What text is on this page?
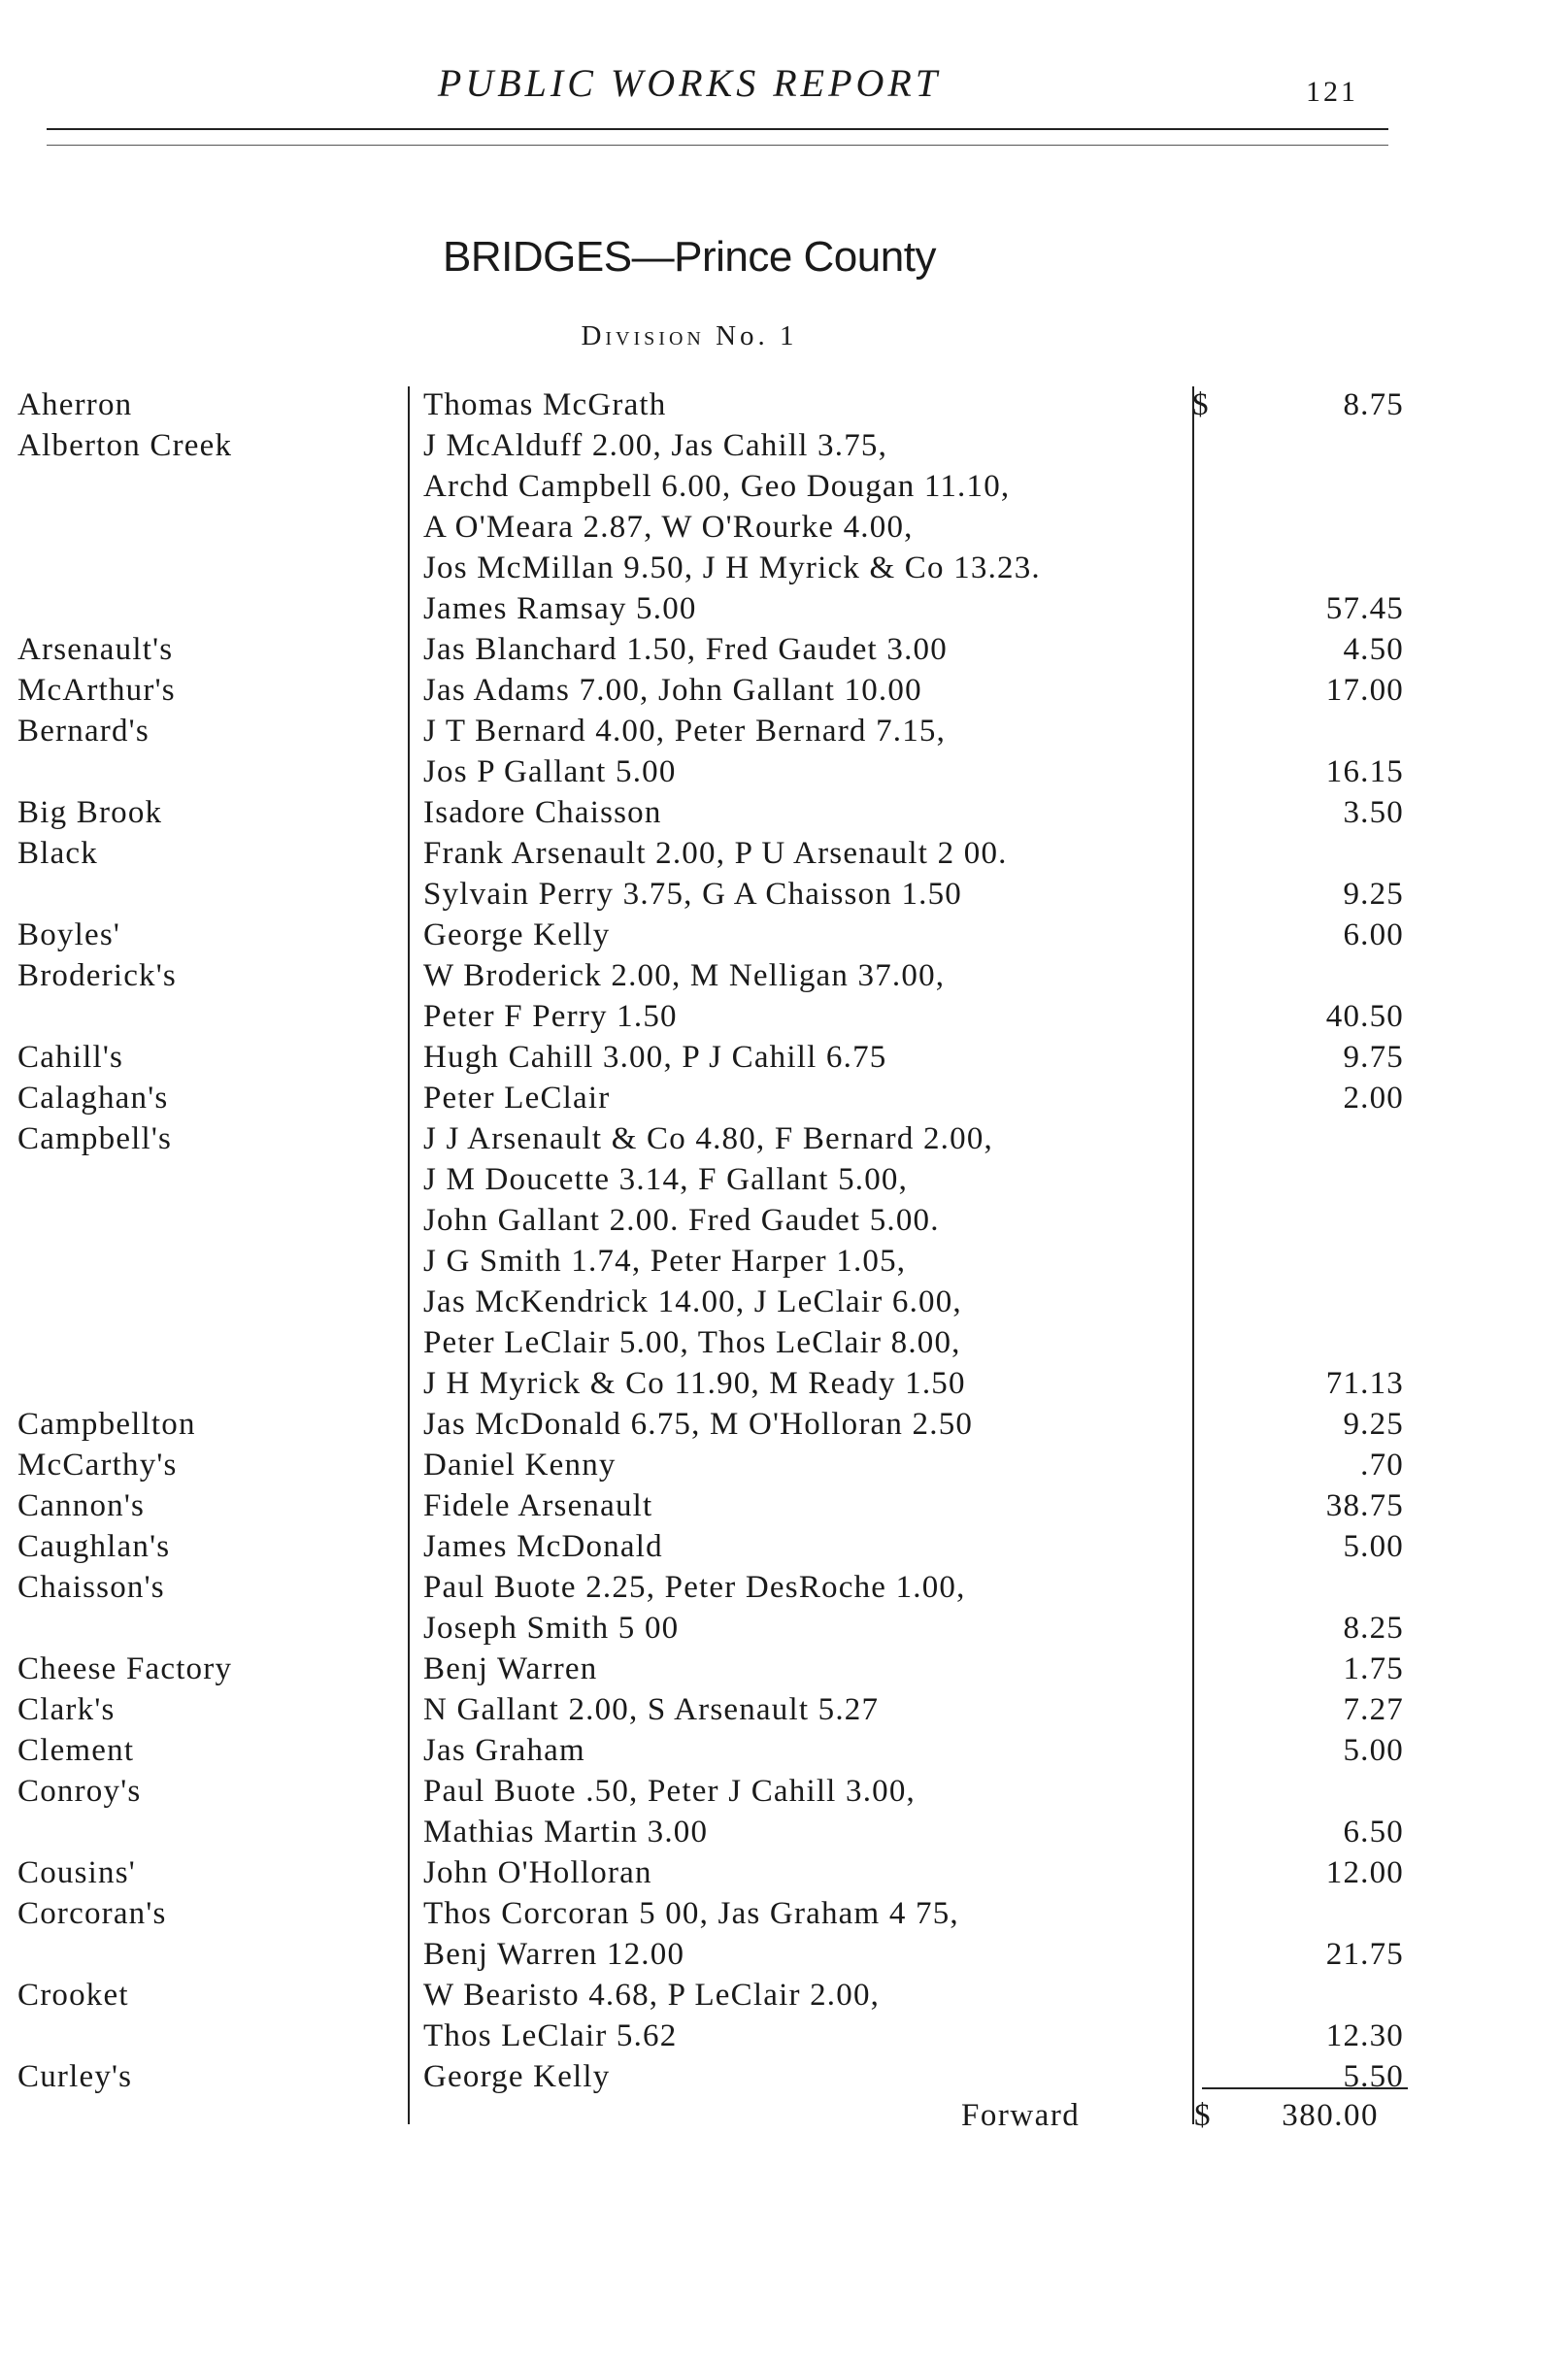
PUBLIC WORKS REPORT	121
BRIDGES—Prince County
Division No. 1
$
Aherron	Thomas McGrath	8.75
Alberton Creek	J McAlduff 2.00, Jas Cahill 3.75,
Archd Campbell 6.00, Geo Dougan 11.10,
A O'Meara 2.87, W O'Rourke 4.00,
Jos McMillan 9.50, J H Myrick & Co 13.23.
James Ramsay 5.00	57.45
Arsenault's	Jas Blanchard 1.50, Fred Gaudet 3.00	4.50
McArthur's	Jas Adams 7.00, John Gallant 10.00	17.00
Bernard's	J T Bernard 4.00, Peter Bernard 7.15,
Jos P Gallant 5.00	16.15
Big Brook	Isadore Chaisson	3.50
Black	Frank Arsenault 2.00, P U Arsenault 2 00.
Sylvain Perry 3.75, G A Chaisson 1.50	9.25
Boyles'	George Kelly	6.00
Broderick's	W Broderick 2.00, M Nelligan 37.00,
Peter F Perry 1.50	40.50
Cahill's	Hugh Cahill 3.00, P J Cahill 6.75	9.75
Calaghan's	Peter LeClair	2.00
Campbell's	J J Arsenault & Co 4.80, F Bernard 2.00,
J M Doucette 3.14, F Gallant 5.00,
John Gallant 2.00. Fred Gaudet 5.00.
J G Smith 1.74, Peter Harper 1.05,
Jas McKendrick 14.00, J LeClair 6.00,
Peter LeClair 5.00, Thos LeClair 8.00,
J H Myrick & Co 11.90, M Ready 1.50	71.13
Campbellton	Jas McDonald 6.75, M O'Holloran 2.50	9.25
McCarthy's	Daniel Kenny	.70
Cannon's	Fidele Arsenault	38.75
Caughlan's	James McDonald	5.00
Chaisson's	Paul Buote 2.25, Peter DesRoche 1.00,
Joseph Smith 5 00	8.25
Cheese Factory	Benj Warren	1.75
Clark's	N Gallant 2.00, S Arsenault 5.27	7.27
Clement	Jas Graham	5.00
Conroy's	Paul Buote .50, Peter J Cahill 3.00,
Mathias Martin 3.00	6.50
Cousins'	John O'Holloran	12.00
Corcoran's	Thos Corcoran 5 00, Jas Graham 4 75,
Benj Warren 12.00	21.75
Crooket	W Bearisto 4.68, P LeClair 2.00,
Thos LeClair 5.62	12.30
Curley's	George Kelly	5.50
Forward	$	380.00
